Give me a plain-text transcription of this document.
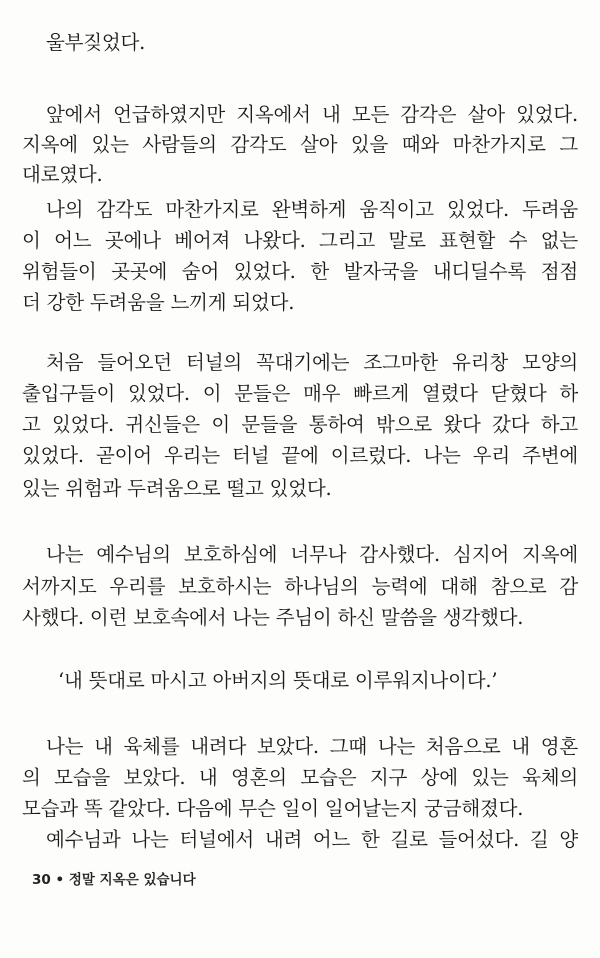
울부짖었다.
앞에서 언급하였지만 지옥에서 내 모든 감각은 살아 있었다.
지옥에 있는 사람들의 감각도 살아 있을 때와 마찬가지로 그
대로였다.
나의 감각도 마찬가지로 완벽하게 움직이고 있었다. 두려움
이 어느 곳에나 베어져 나왔다. 그리고 말로 표현할 수 없는
위험들이 곳곳에 숨어 있었다. 한 발자국을 내디딜수록 점점
더 강한 두려움을 느끼게 되었다.
처음 들어오던 터널의 꼭대기에는 조그마한 유리창 모양의
출입구들이 있었다. 이 문들은 매우 빠르게 열렸다 닫혔다 하
고 있었다. 귀신들은 이 문들을 통하여 밖으로 왔다 갔다 하고
있었다. 곧이어 우리는 터널 끝에 이르렀다. 나는 우리 주변에
있는 위험과 두려움으로 떨고 있었다.
나는 예수님의 보호하심에 너무나 감사했다. 심지어 지옥에
서까지도 우리를 보호하시는 하나님의 능력에 대해 참으로 감
사했다. 이런 보호속에서 나는 주님이 하신 말씀을 생각했다.
‘내 뜻대로 마시고 아버지의 뜻대로 이루워지나이다.’
나는 내 육체를 내려다 보았다. 그때 나는 처음으로 내 영혼
의 모습을 보았다. 내 영혼의 모습은 지구 상에 있는 육체의
모습과 똑 같았다. 다음에 무슨 일이 일어날는지 궁금해졌다.
예수님과 나는 터널에서 내려 어느 한 길로 들어섰다. 길 양
30 • 정말 지옥은 있습니다
